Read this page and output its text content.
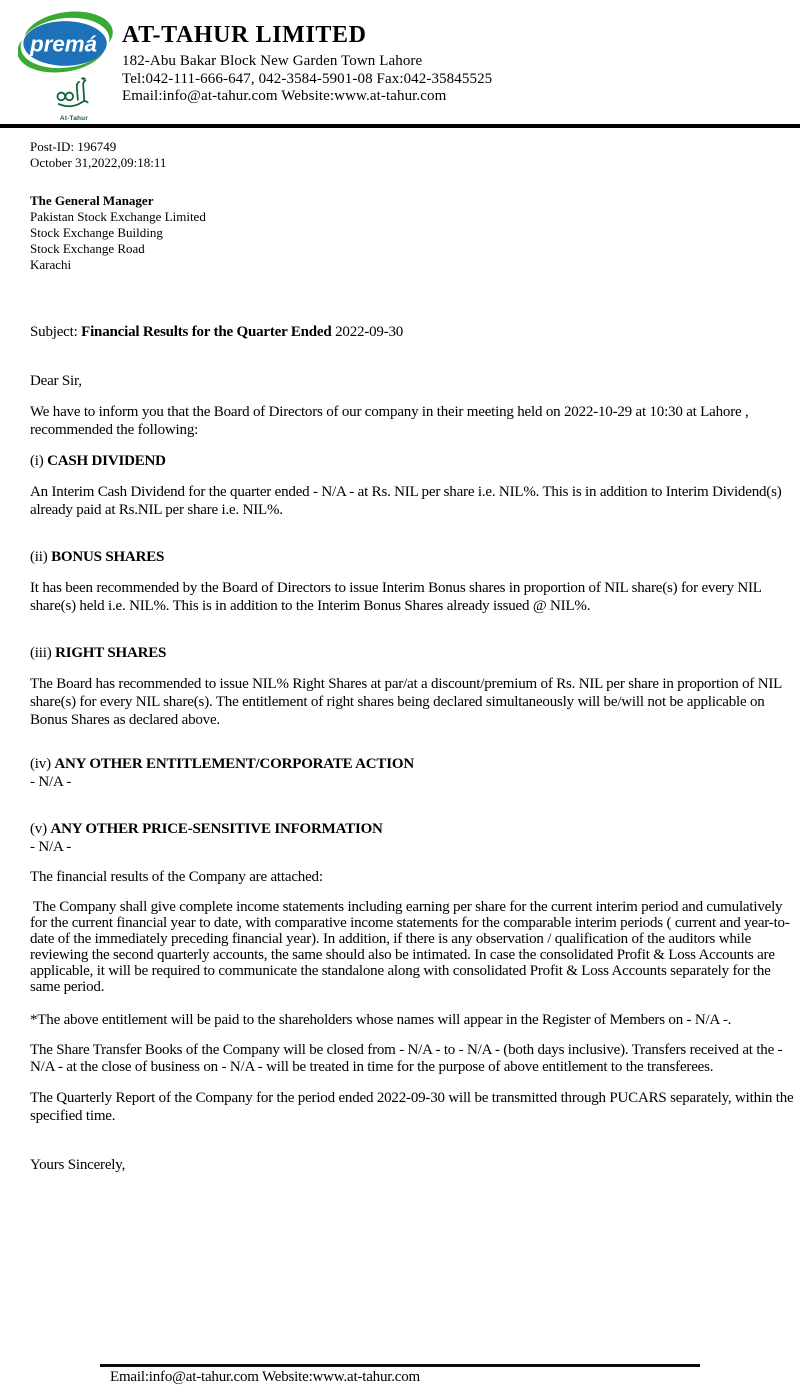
premá
®
At-Tahur
AT-TAHUR LIMITED
182-Abu Bakar Block New Garden Town Lahore
Tel:042-111-666-647, 042-3584-5901-08 Fax:042-35845525
Email:info@at-tahur.com Website:www.at-tahur.com
Post-ID: 196749
October 31,2022,09:18:11
The General Manager
Pakistan Stock Exchange Limited
Stock Exchange Building
Stock Exchange Road
Karachi

Subject: Financial Results for the Quarter Ended 2022-09-30

Dear Sir,

We have to inform you that the Board of Directors of our company in their meeting held on 2022-10-29 at 10:30 at Lahore , recommended the following:

(i) CASH DIVIDEND

An Interim Cash Dividend for the quarter ended - N/A - at Rs. NIL per share i.e. NIL%. This is in addition to Interim Dividend(s) already paid at Rs.NIL per share i.e. NIL%.

(ii) BONUS SHARES

It has been recommended by the Board of Directors to issue Interim Bonus shares in proportion of NIL share(s) for every NIL share(s) held i.e. NIL%. This is in addition to the Interim Bonus Shares already issued @ NIL%.

(iii) RIGHT SHARES

The Board has recommended to issue NIL% Right Shares at par/at a discount/premium of Rs. NIL per share in proportion of NIL share(s) for every NIL share(s). The entitlement of right shares being declared simultaneously will be/will not be applicable on Bonus Shares as declared above.

(iv) ANY OTHER ENTITLEMENT/CORPORATE ACTION

- N/A -

(v) ANY OTHER PRICE-SENSITIVE INFORMATION

- N/A -

The financial results of the Company are attached:

The Company shall give complete income statements including earning per share for the current interim period and cumulatively for the current financial year to date, with comparative income statements for the comparable interim periods ( current and year-to-date of the immediately preceding financial year). In addition, if there is any observation / qualification of the auditors while reviewing the second quarterly accounts, the same should also be intimated. In case the consolidated Profit & Loss Accounts are applicable, it will be required to communicate the standalone along with consolidated Profit & Loss Accounts separately for the same period.

*The above entitlement will be paid to the shareholders whose names will appear in the Register of Members on - N/A -.

The Share Transfer Books of the Company will be closed from - N/A - to - N/A - (both days inclusive). Transfers received at the - N/A - at the close of business on - N/A - will be treated in time for the purpose of above entitlement to the transferees.

The Quarterly Report of the Company for the period ended 2022-09-30 will be transmitted through PUCARS separately, within the specified time.

Yours Sincerely,

Email:info@at-tahur.com Website:www.at-tahur.com
